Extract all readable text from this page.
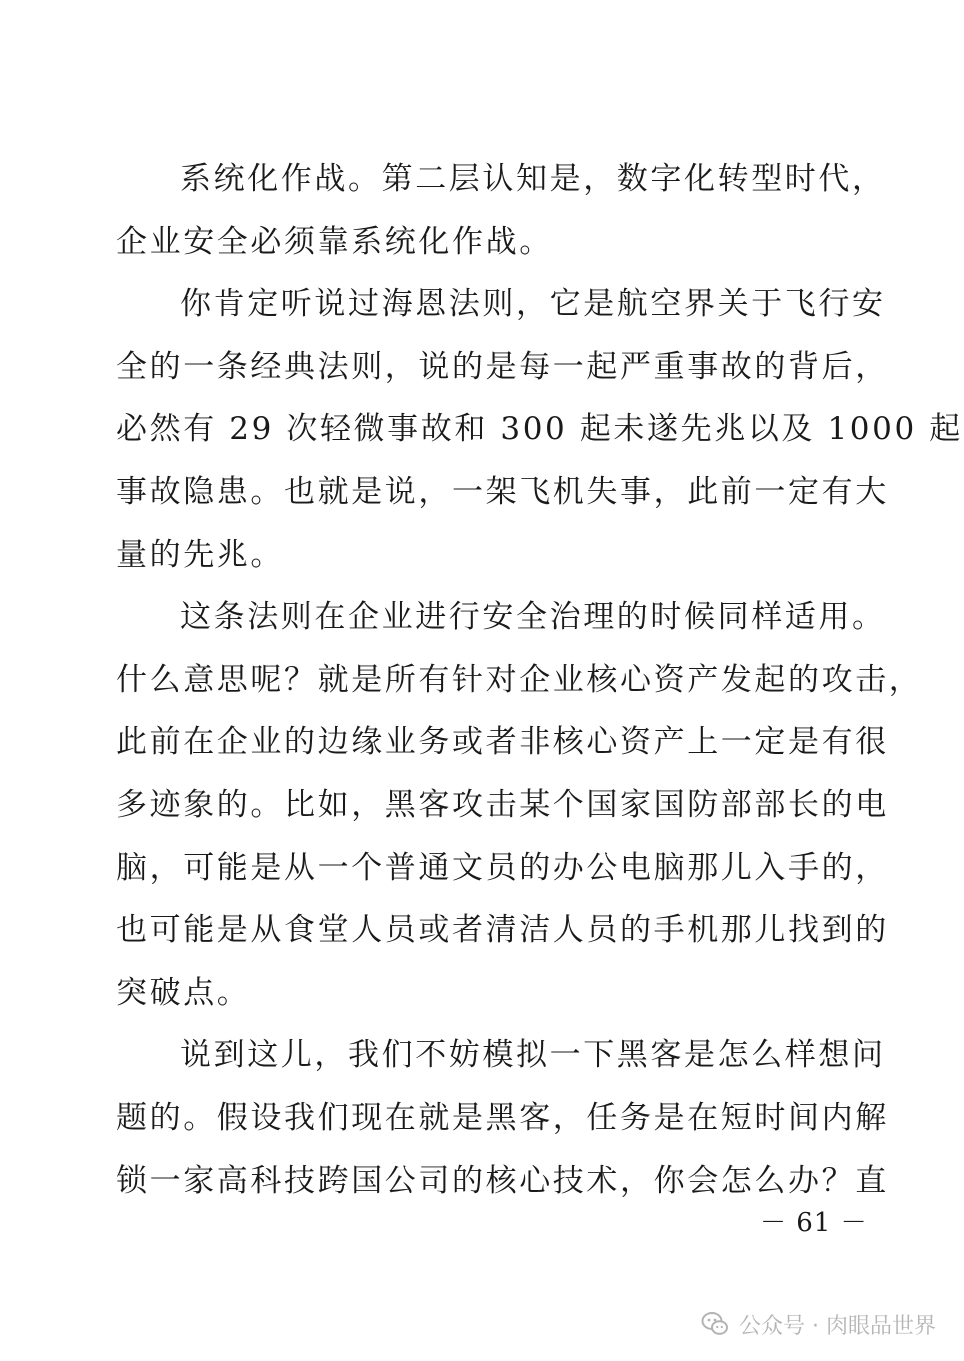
系统化作战。第二层认知是，数字化转型时代，
企业安全必须靠系统化作战。
你肯定听说过海恩法则，它是航空界关于飞行安
全的一条经典法则，说的是每一起严重事故的背后，
必然有 29 次轻微事故和 300 起未遂先兆以及 1000 起
事故隐患。也就是说，一架飞机失事，此前一定有大
量的先兆。
这条法则在企业进行安全治理的时候同样适用。
什么意思呢？就是所有针对企业核心资产发起的攻击，
此前在企业的边缘业务或者非核心资产上一定是有很
多迹象的。比如，黑客攻击某个国家国防部部长的电
脑，可能是从一个普通文员的办公电脑那儿入手的，
也可能是从食堂人员或者清洁人员的手机那儿找到的
突破点。
说到这儿，我们不妨模拟一下黑客是怎么样想问
题的。假设我们现在就是黑客，任务是在短时间内解
锁一家高科技跨国公司的核心技术，你会怎么办？直
－ 61 －
公众号 · 肉眼品世界
